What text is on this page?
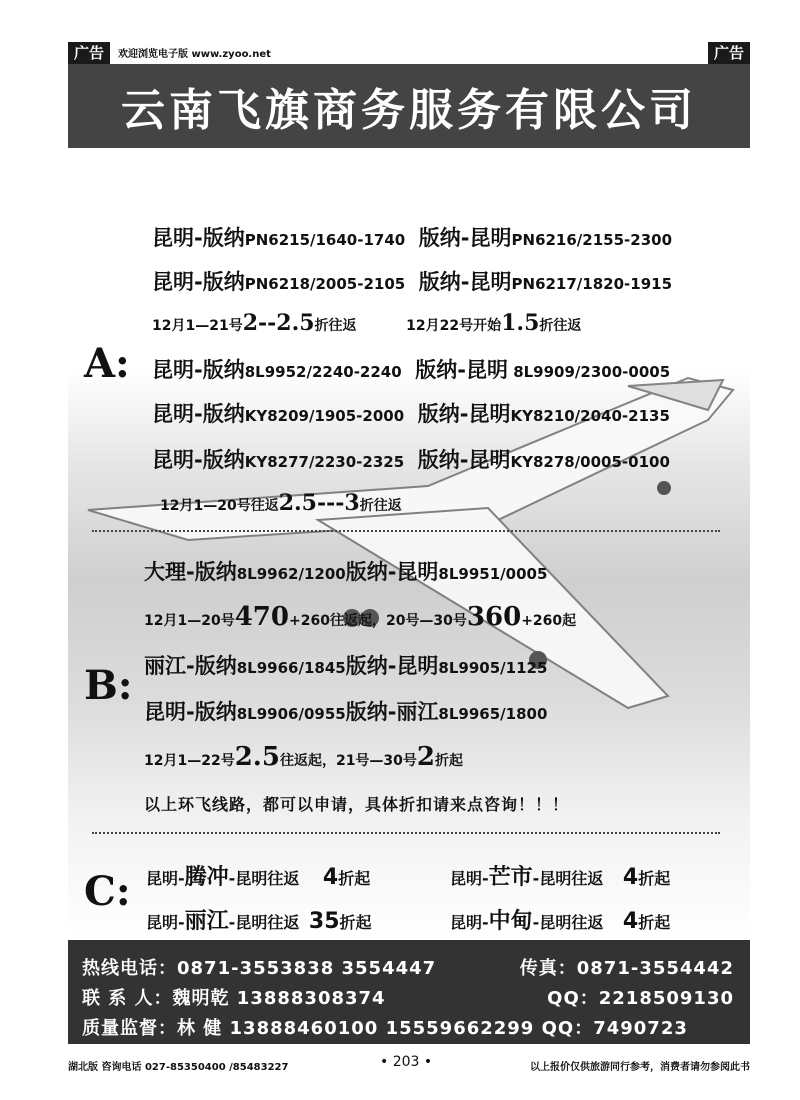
广告	欢迎浏览电子版 www.zyoo.net	广告
云南飞旗商务服务有限公司
A:
昆明-版纳PN6215/1640-1740 版纳-昆明PN6216/2155-2300
昆明-版纳PN6218/2005-2105 版纳-昆明PN6217/1820-1915
12月1—21号2--2.5折往返	12月22号开始1.5折往返
昆明-版纳8L9952/2240-2240 版纳-昆明 8L9909/2300-0005
昆明-版纳KY8209/1905-2000 版纳-昆明KY8210/2040-2135
昆明-版纳KY8277/2230-2325 版纳-昆明KY8278/0005-0100
12月1—20号往返2.5---3折往返
B:
大理-版纳8L9962/1200版纳-昆明8L9951/0005
12月1—20号470+260往返起，20号—30号360+260起
丽江-版纳8L9966/1845版纳-昆明8L9905/1125
昆明-版纳8L9906/0955版纳-丽江8L9965/1800
12月1—22号2.5往返起，21号—30号2折起
以上环飞线路，都可以申请，具体折扣请来点咨询！！！
C: 昆明-腾冲-昆明往返 4折起	昆明-芒市-昆明往返 4折起
昆明-丽江-昆明往返 35折起	昆明-中甸-昆明往返 4折起
热线电话：0871-3553838 3554447	传真：0871-3554442
联 系 人：魏明乾 13888308374	QQ：2218509130
质量监督：林 健 13888460100 15559662299 QQ：7490723
湖北版 咨询电话 027-85350400 /85483227	• 203 •	以上报价仅供旅游同行参考，消费者请勿参阅此书
